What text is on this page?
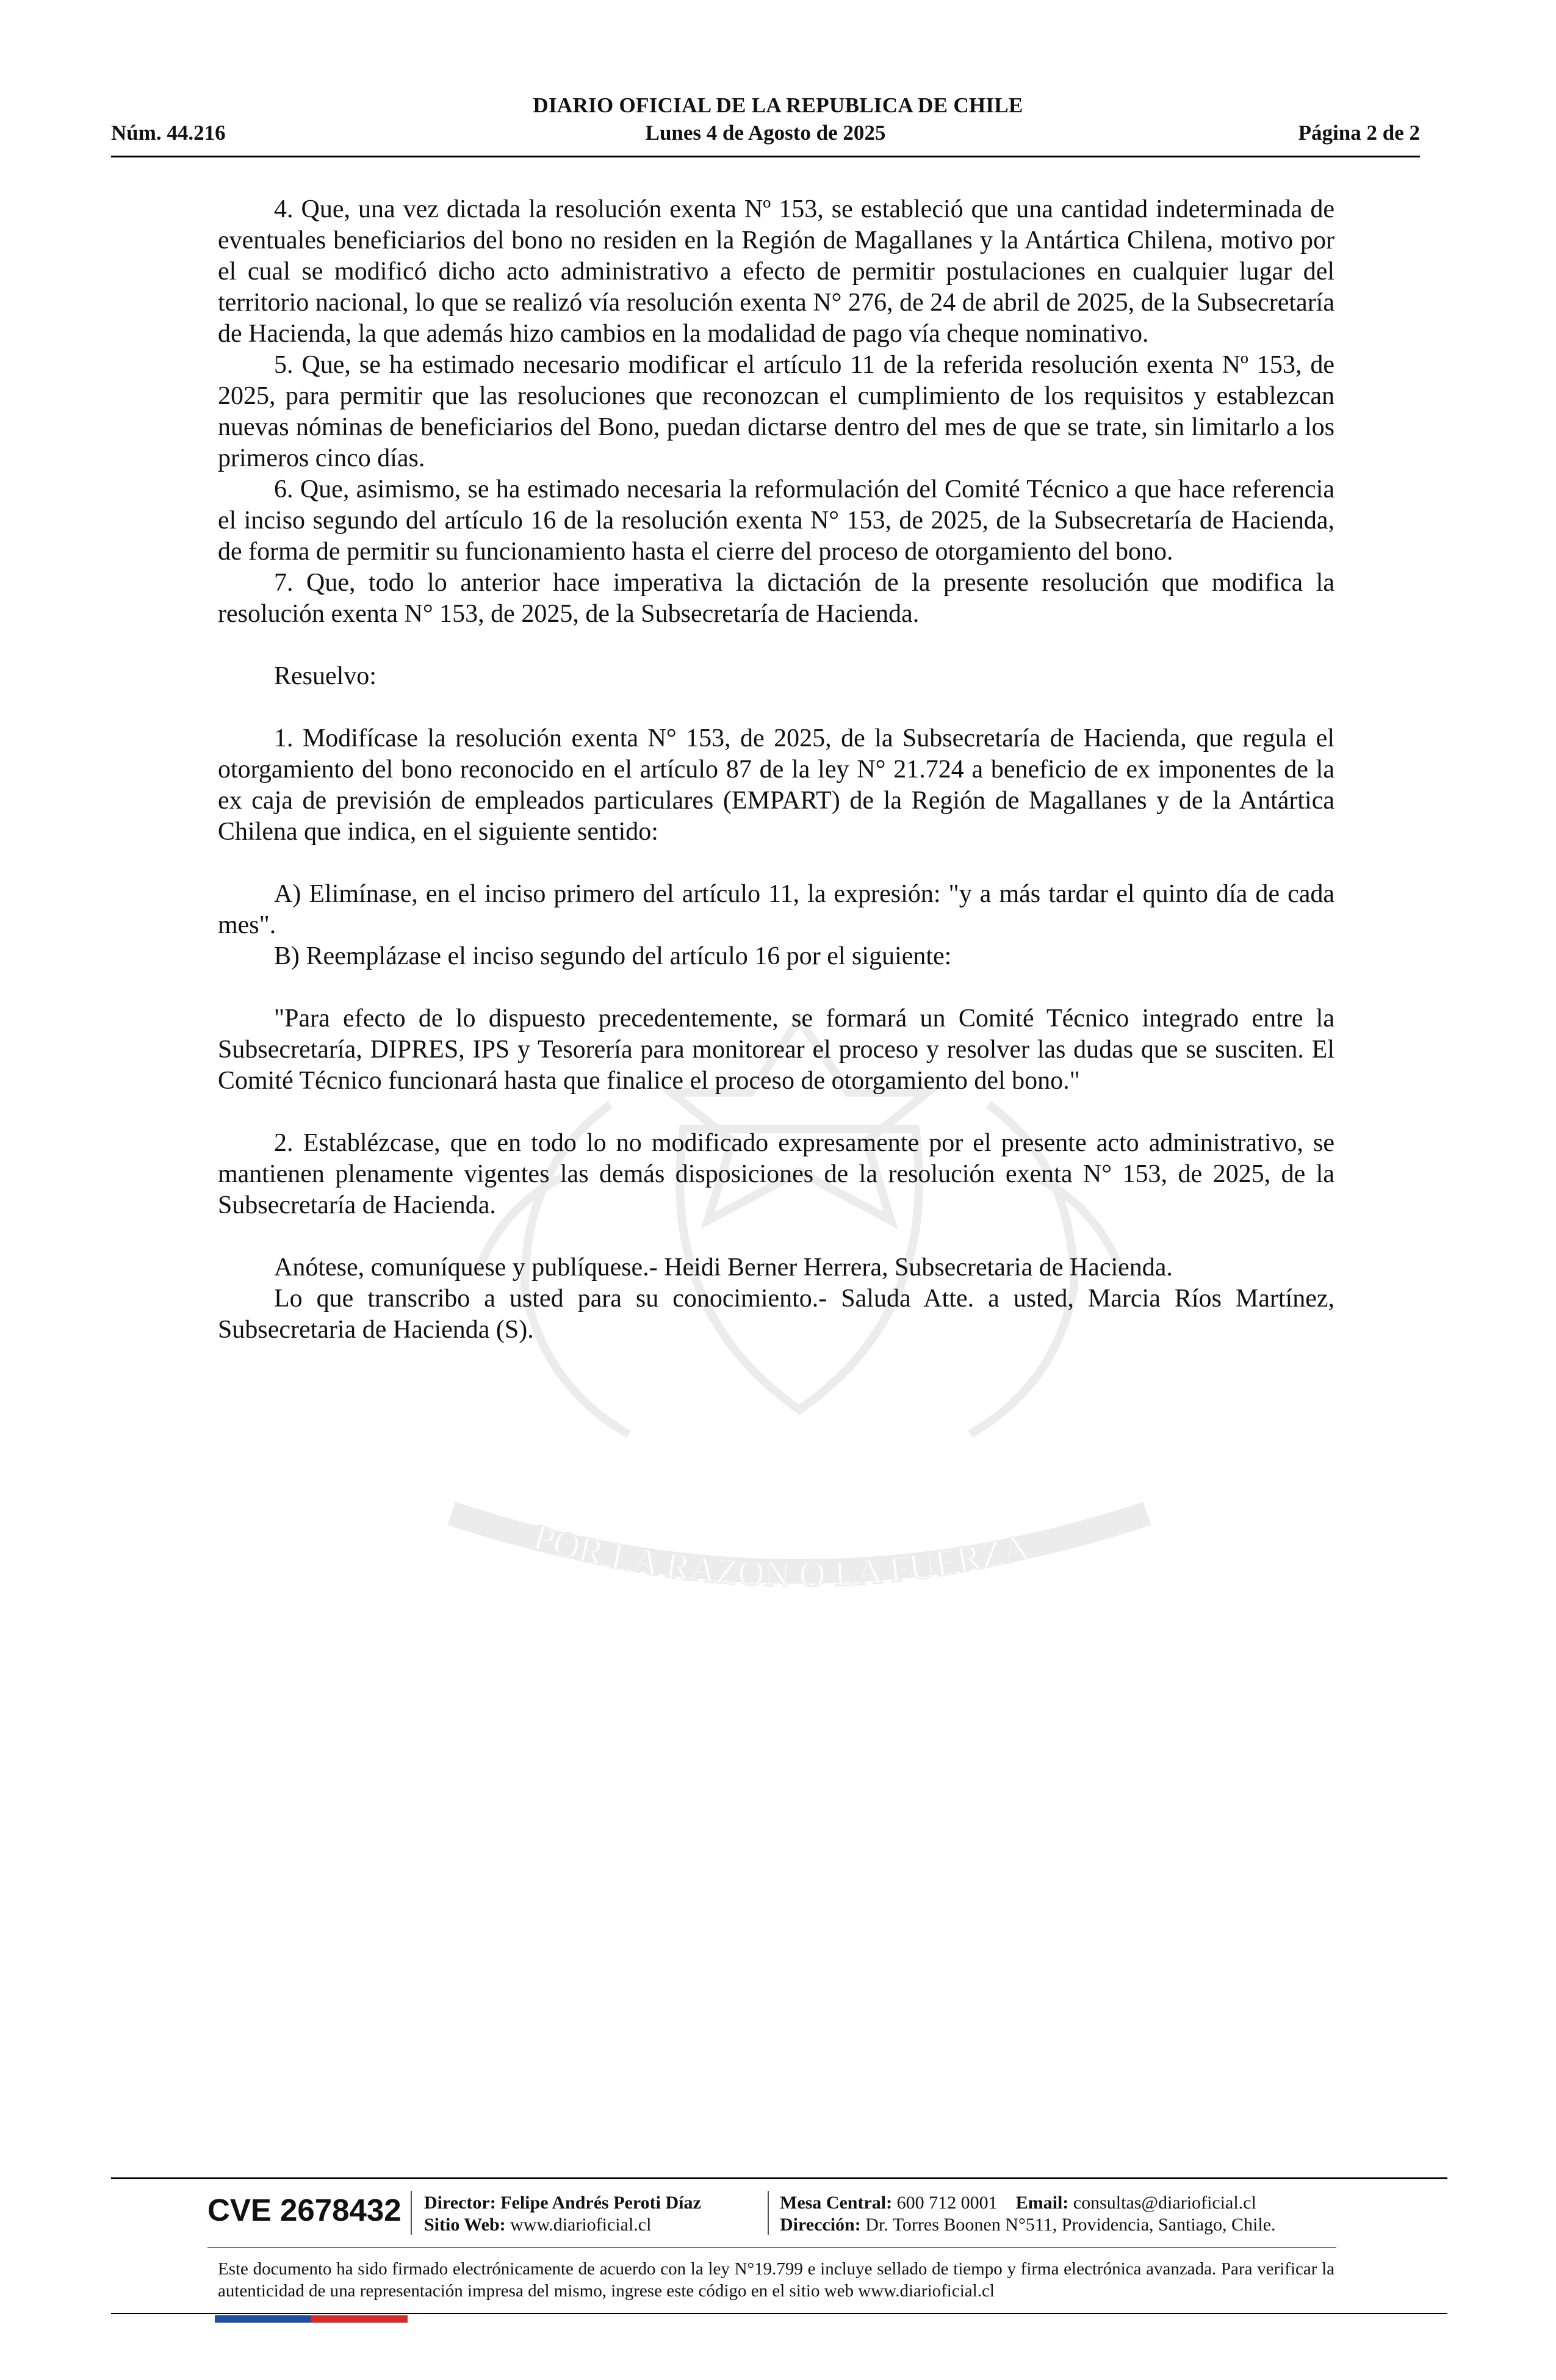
POR LA RAZON O LA FUERZA
DIARIO OFICIAL DE LA REPUBLICA DE CHILE
Núm. 44.216	Lunes 4 de Agosto de 2025	Página 2 de 2

4. Que, una vez dictada la resolución exenta Nº 153, se estableció que una cantidad indeterminada de eventuales beneficiarios del bono no residen en la Región de Magallanes y la Antártica Chilena, motivo por el cual se modificó dicho acto administrativo a efecto de permitir postulaciones en cualquier lugar del territorio nacional, lo que se realizó vía resolución exenta N° 276, de 24 de abril de 2025, de la Subsecretaría de Hacienda, la que además hizo cambios en la modalidad de pago vía cheque nominativo.

5. Que, se ha estimado necesario modificar el artículo 11 de la referida resolución exenta Nº 153, de 2025, para permitir que las resoluciones que reconozcan el cumplimiento de los requisitos y establezcan nuevas nóminas de beneficiarios del Bono, puedan dictarse dentro del mes de que se trate, sin limitarlo a los primeros cinco días.

6. Que, asimismo, se ha estimado necesaria la reformulación del Comité Técnico a que hace referencia el inciso segundo del artículo 16 de la resolución exenta N° 153, de 2025, de la Subsecretaría de Hacienda, de forma de permitir su funcionamiento hasta el cierre del proceso de otorgamiento del bono.

7. Que, todo lo anterior hace imperativa la dictación de la presente resolución que modifica la resolución exenta N° 153, de 2025, de la Subsecretaría de Hacienda.

Resuelvo:

1. Modifícase la resolución exenta N° 153, de 2025, de la Subsecretaría de Hacienda, que regula el otorgamiento del bono reconocido en el artículo 87 de la ley N° 21.724 a beneficio de ex imponentes de la ex caja de previsión de empleados particulares (EMPART) de la Región de Magallanes y de la Antártica Chilena que indica, en el siguiente sentido:

A) Elimínase, en el inciso primero del artículo 11, la expresión: "y a más tardar el quinto día de cada mes".

B) Reemplázase el inciso segundo del artículo 16 por el siguiente:

"Para efecto de lo dispuesto precedentemente, se formará un Comité Técnico integrado entre la Subsecretaría, DIPRES, IPS y Tesorería para monitorear el proceso y resolver las dudas que se susciten. El Comité Técnico funcionará hasta que finalice el proceso de otorgamiento del bono."

2. Establézcase, que en todo lo no modificado expresamente por el presente acto administrativo, se mantienen plenamente vigentes las demás disposiciones de la resolución exenta N° 153, de 2025, de la Subsecretaría de Hacienda.

Anótese, comuníquese y publíquese.- Heidi Berner Herrera, Subsecretaria de Hacienda.

Lo que transcribo a usted para su conocimiento.- Saluda Atte. a usted, Marcia Ríos Martínez, Subsecretaria de Hacienda (S).

CVE 2678432 Director: Felipe Andrés Peroti Díaz
Sitio Web: www.diarioficial.cl
Mesa Central: 600 712 0001 Email: consultas@diarioficial.cl
Dirección: Dr. Torres Boonen N°511, Providencia, Santiago, Chile.
Este documento ha sido firmado electrónicamente de acuerdo con la ley N°19.799 e incluye sellado de tiempo y firma electrónica avanzada. Para verificar la autenticidad de una representación impresa del mismo, ingrese este código en el sitio web www.diarioficial.cl
